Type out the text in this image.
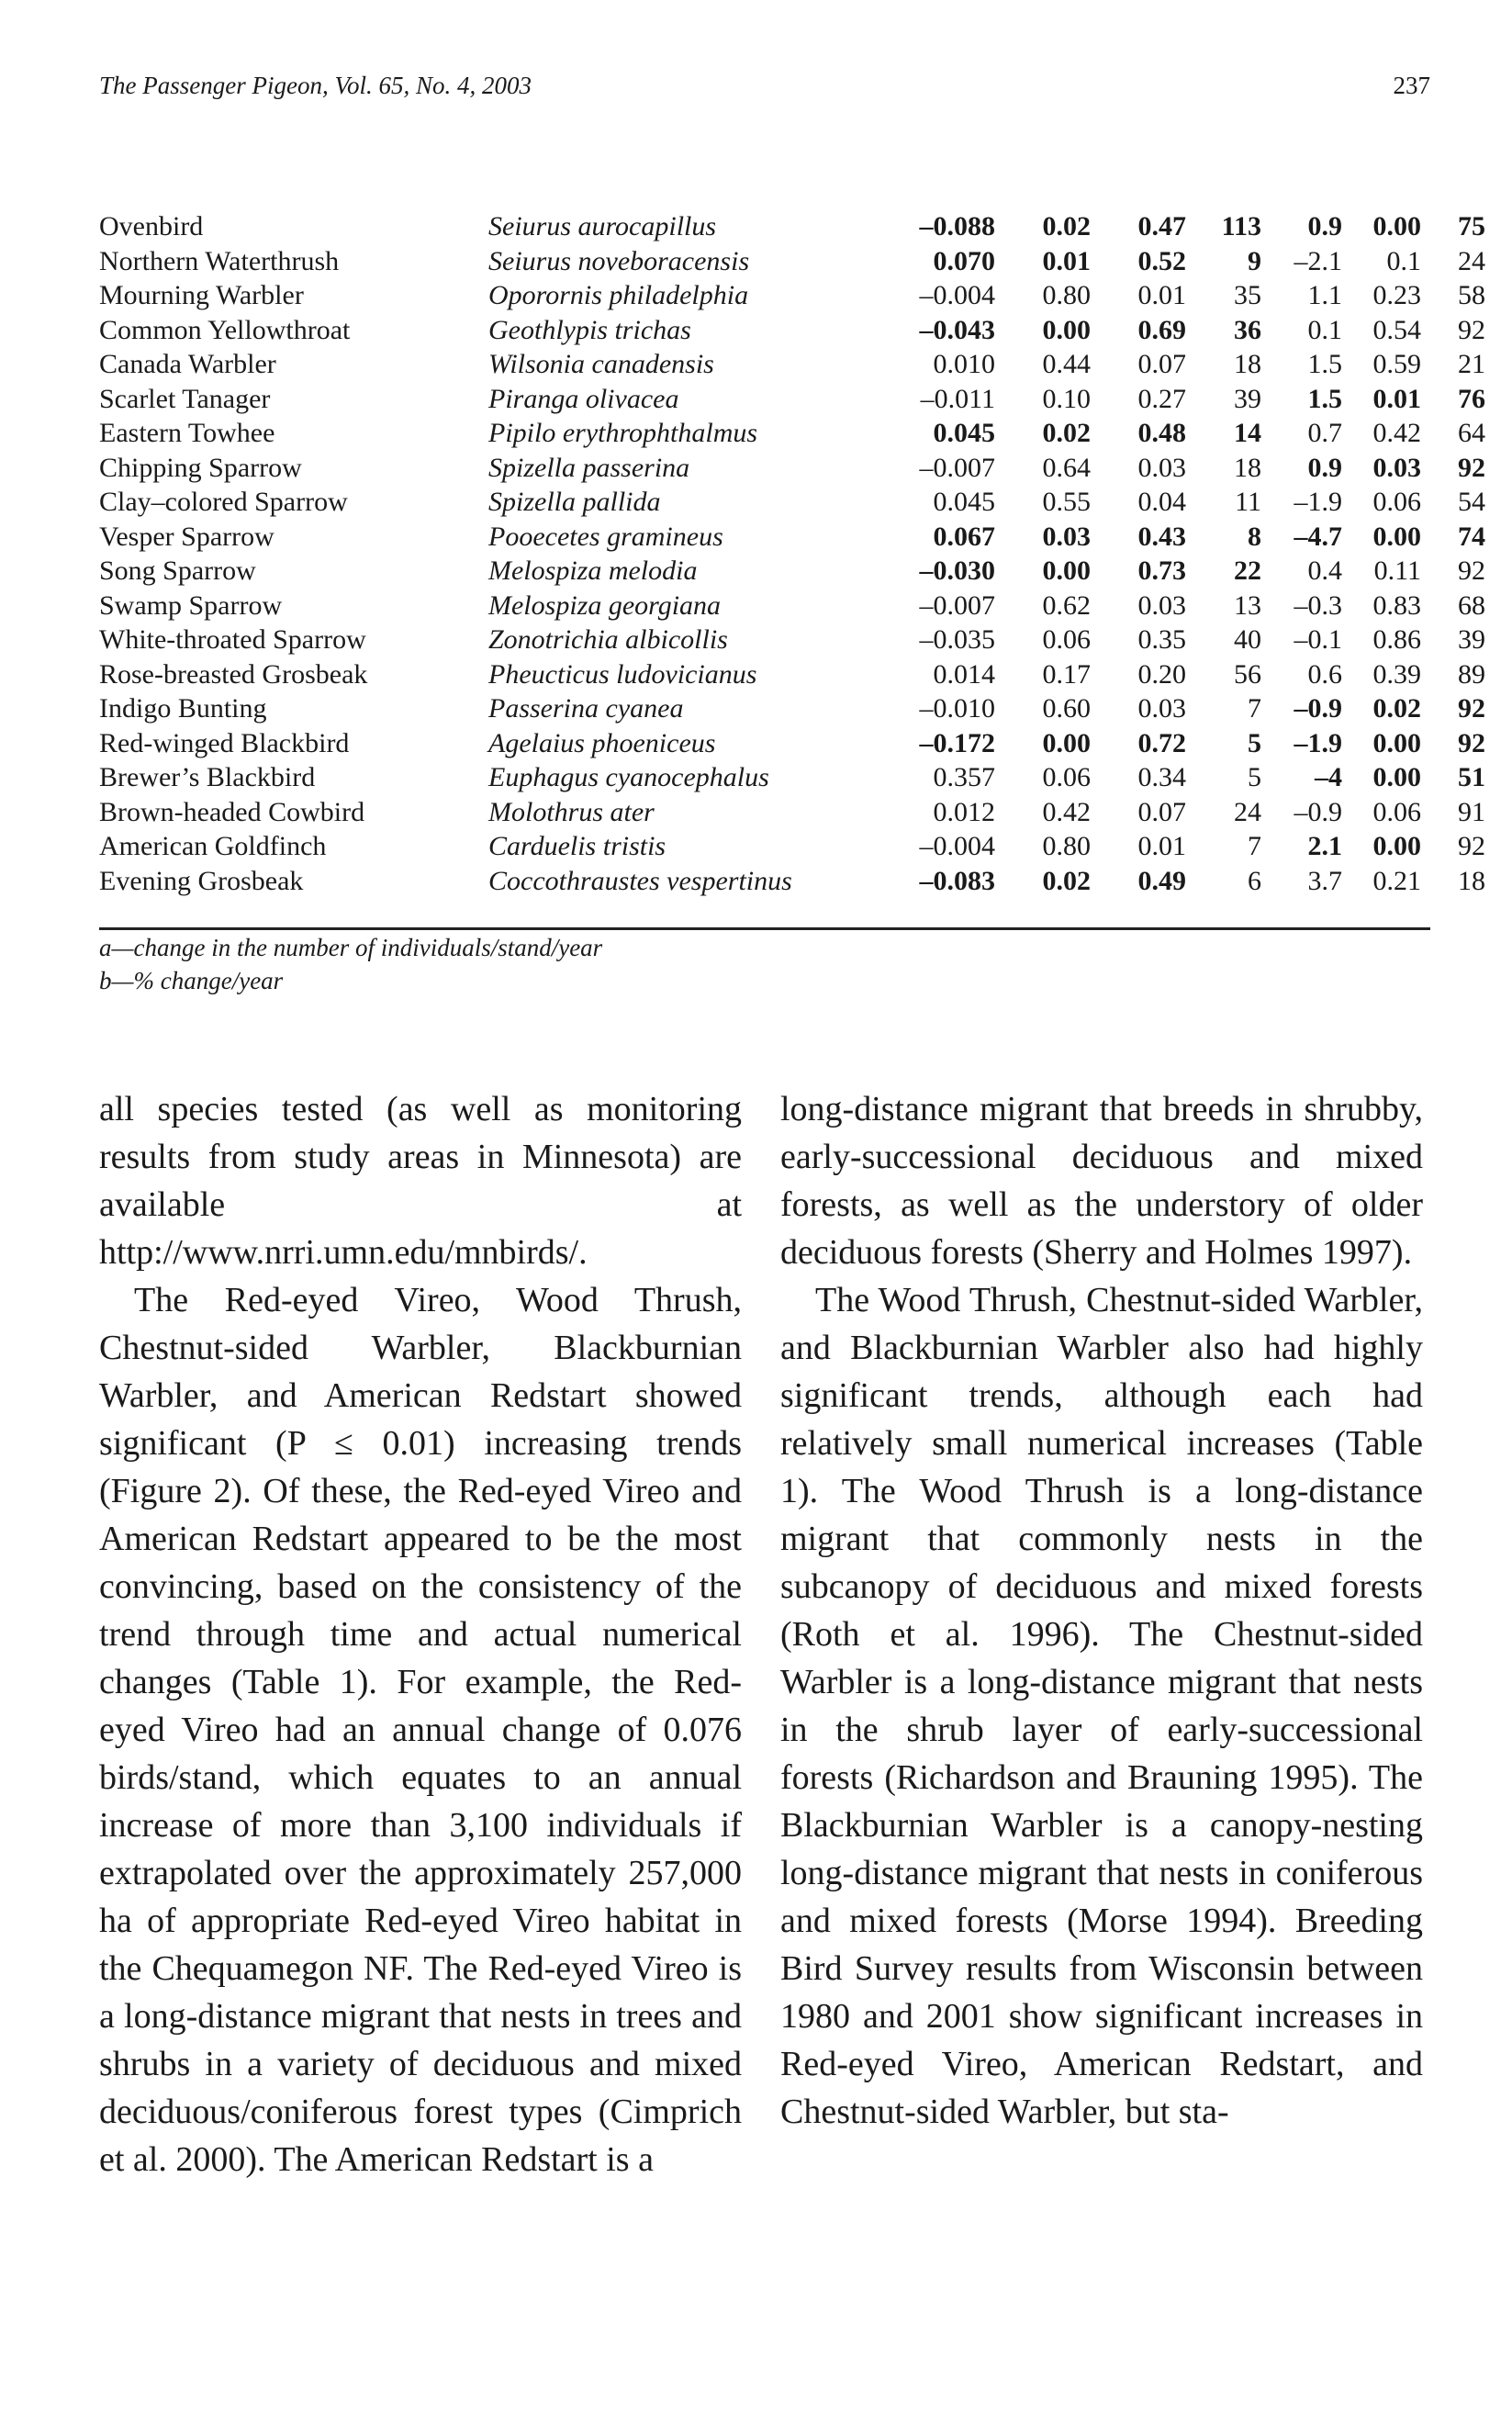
The Passenger Pigeon, Vol. 65, No. 4, 2003	237
Ovenbird	Seiurus aurocapillus	–0.088	0.02	0.47	113	0.9	0.00	75
Northern Waterthrush	Seiurus noveboracensis	0.070	0.01	0.52	9	–2.1	0.1	24
Mourning Warbler	Oporornis philadelphia	–0.004	0.80	0.01	35	1.1	0.23	58
Common Yellowthroat	Geothlypis trichas	–0.043	0.00	0.69	36	0.1	0.54	92
Canada Warbler	Wilsonia canadensis	0.010	0.44	0.07	18	1.5	0.59	21
Scarlet Tanager	Piranga olivacea	–0.011	0.10	0.27	39	1.5	0.01	76
Eastern Towhee	Pipilo erythrophthalmus	0.045	0.02	0.48	14	0.7	0.42	64
Chipping Sparrow	Spizella passerina	–0.007	0.64	0.03	18	0.9	0.03	92
Clay–colored Sparrow	Spizella pallida	0.045	0.55	0.04	11	–1.9	0.06	54
Vesper Sparrow	Pooecetes gramineus	0.067	0.03	0.43	8	–4.7	0.00	74
Song Sparrow	Melospiza melodia	–0.030	0.00	0.73	22	0.4	0.11	92
Swamp Sparrow	Melospiza georgiana	–0.007	0.62	0.03	13	–0.3	0.83	68
White-throated Sparrow	Zonotrichia albicollis	–0.035	0.06	0.35	40	–0.1	0.86	39
Rose-breasted Grosbeak	Pheucticus ludovicianus	0.014	0.17	0.20	56	0.6	0.39	89
Indigo Bunting	Passerina cyanea	–0.010	0.60	0.03	7	–0.9	0.02	92
Red-winged Blackbird	Agelaius phoeniceus	–0.172	0.00	0.72	5	–1.9	0.00	92
Brewer’s Blackbird	Euphagus cyanocephalus	0.357	0.06	0.34	5	–4	0.00	51
Brown-headed Cowbird	Molothrus ater	0.012	0.42	0.07	24	–0.9	0.06	91
American Goldfinch	Carduelis tristis	–0.004	0.80	0.01	7	2.1	0.00	92
Evening Grosbeak	Coccothraustes vespertinus	–0.083	0.02	0.49	6	3.7	0.21	18
a—change in the number of individuals/stand/year
b—% change/year

all species tested (as well as monitoring results from study areas in Minnesota) are available at http://www.nrri.umn.edu/mnbirds/.

The Red-eyed Vireo, Wood Thrush, Chestnut-sided Warbler, Blackburnian Warbler, and American Redstart showed significant (P ≤ 0.01) increasing trends (Figure 2). Of these, the Red-eyed Vireo and American Redstart appeared to be the most convincing, based on the consistency of the trend through time and actual numerical changes (Table 1). For example, the Red-eyed Vireo had an annual change of 0.076 birds/stand, which equates to an annual increase of more than 3,100 individuals if extrapolated over the approximately 257,000 ha of appropriate Red-eyed Vireo habitat in the Chequamegon NF. The Red-eyed Vireo is a long-distance migrant that nests in trees and shrubs in a variety of deciduous and mixed deciduous/coniferous forest types (Cimprich et al. 2000). The American Redstart is a

long-distance migrant that breeds in shrubby, early-successional deciduous and mixed forests, as well as the understory of older deciduous forests (Sherry and Holmes 1997).

The Wood Thrush, Chestnut-sided Warbler, and Blackburnian Warbler also had highly significant trends, although each had relatively small numerical increases (Table 1). The Wood Thrush is a long-distance migrant that commonly nests in the subcanopy of deciduous and mixed forests (Roth et al. 1996). The Chestnut-sided Warbler is a long-distance migrant that nests in the shrub layer of early-successional forests (Richardson and Brauning 1995). The Blackburnian Warbler is a canopy-nesting long-distance migrant that nests in coniferous and mixed forests (Morse 1994). Breeding Bird Survey results from Wisconsin between 1980 and 2001 show significant increases in Red-eyed Vireo, American Redstart, and Chestnut-sided Warbler, but sta-
